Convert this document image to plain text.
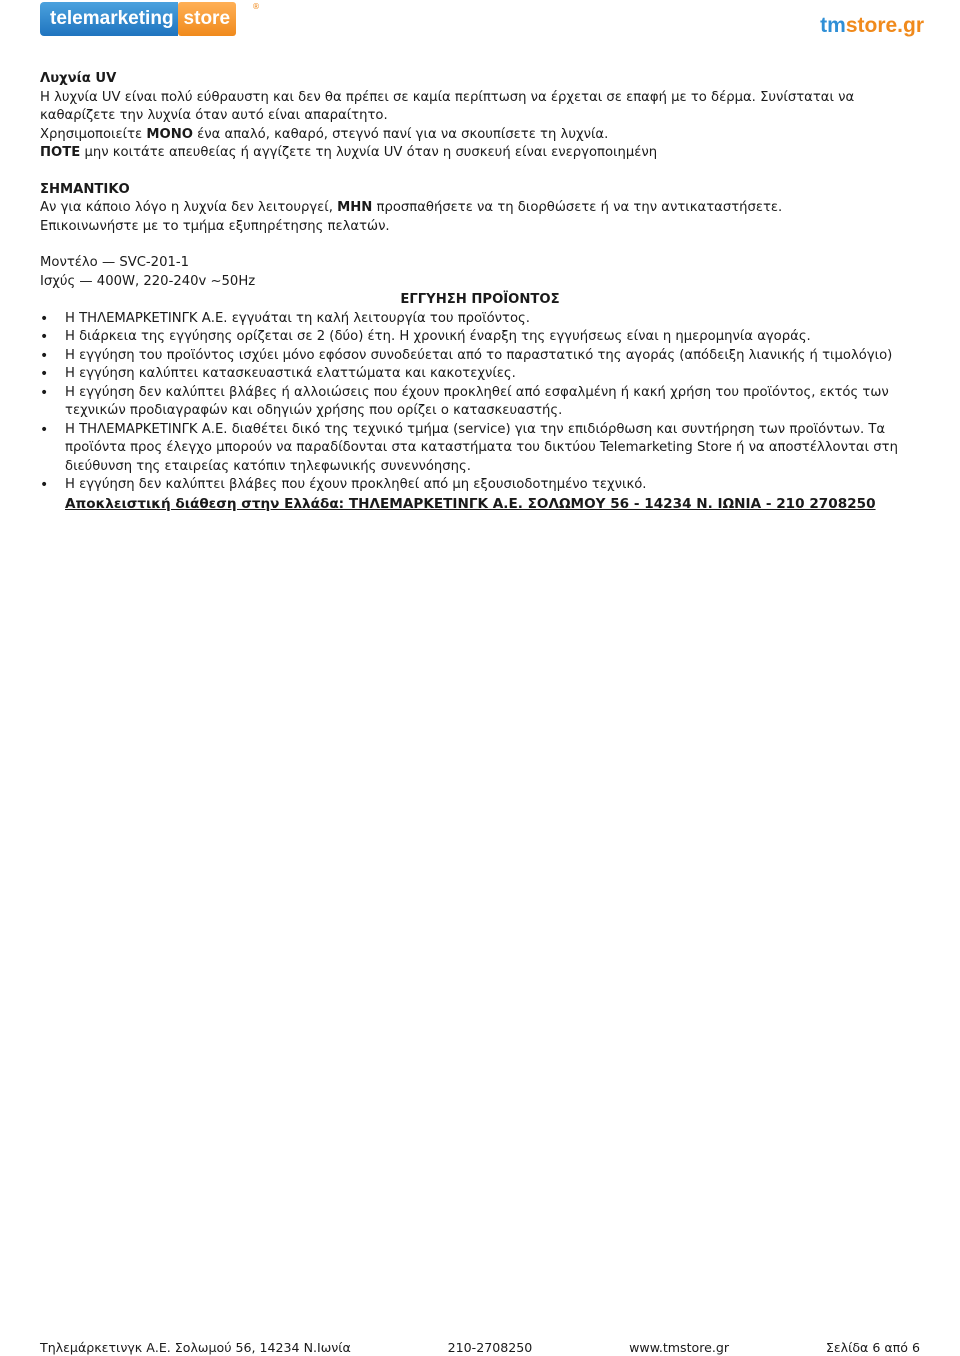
telemarketing store
®
tmstore.gr

Λυχνία UV

Η λυχνία UV είναι πολύ εύθραυστη και δεν θα πρέπει σε καμία περίπτωση να έρχεται σε επαφή με το δέρμα. Συνίσταται να καθαρίζετε την λυχνία όταν αυτό είναι απαραίτητο.

Χρησιμοποιείτε ΜΟΝΟ ένα απαλό, καθαρό, στεγνό πανί για να σκουπίσετε τη λυχνία.

ΠΟΤΕ μην κοιτάτε απευθείας ή αγγίζετε τη λυχνία UV όταν η συσκευή είναι ενεργοποιημένη

ΣΗΜΑΝΤΙΚΟ

Αν για κάποιο λόγο η λυχνία δεν λειτουργεί, ΜΗΝ προσπαθήσετε να τη διορθώσετε ή να την αντικαταστήσετε.

Επικοινωνήστε με το τμήμα εξυπηρέτησης πελατών.

Μοντέλο — SVC-201-1

Ισχύς — 400W, 220-240v ~50Hz

ΕΓΓΥΗΣΗ ΠΡΟΪΟΝΤΟΣ

• Η ΤΗΛΕΜΑΡΚΕΤΙΝΓΚ Α.Ε. εγγυάται τη καλή λειτουργία του προϊόντος.
• Η διάρκεια της εγγύησης ορίζεται σε 2 (δύο) έτη. Η χρονική έναρξη της εγγυήσεως είναι η ημερομηνία αγοράς.
• Η εγγύηση του προϊόντος ισχύει μόνο εφόσον συνοδεύεται από το παραστατικό της αγοράς (απόδειξη λιανικής ή τιμολόγιο)
• Η εγγύηση καλύπτει κατασκευαστικά ελαττώματα και κακοτεχνίες.
• Η εγγύηση δεν καλύπτει βλάβες ή αλλοιώσεις που έχουν προκληθεί από εσφαλμένη ή κακή χρήση του προϊόντος, εκτός των τεχνικών προδιαγραφών και οδηγιών χρήσης που ορίζει ο κατασκευαστής.
• Η ΤΗΛΕΜΑΡΚΕΤΙΝΓΚ Α.Ε. διαθέτει δικό της τεχνικό τμήμα (service) για την επιδιόρθωση και συντήρηση των προϊόντων. Τα προϊόντα προς έλεγχο μπορούν να παραδίδονται στα καταστήματα του δικτύου Telemarketing Store ή να αποστέλλονται στη διεύθυνση της εταιρείας κατόπιν τηλεφωνικής συνεννόησης.
• Η εγγύηση δεν καλύπτει βλάβες που έχουν προκληθεί από μη εξουσιοδοτημένο τεχνικό.

Αποκλειστική διάθεση στην Ελλάδα: ΤΗΛΕΜΑΡΚΕΤΙΝΓΚ Α.Ε. ΣΟΛΩΜΟΥ 56 - 14234 Ν. ΙΩΝΙΑ - 210 2708250

Τηλεμάρκετινγκ Α.Ε. Σολωμού 56, 14234 Ν.Ιωνία	210-2708250	www.tmstore.gr	Σελίδα 6 από 6
